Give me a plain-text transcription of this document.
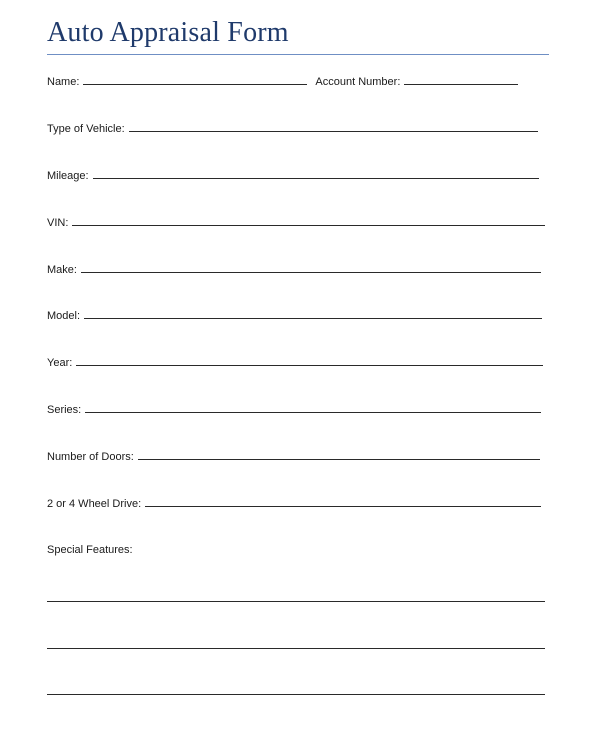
Auto Appraisal Form
Name:	Account Number:
Type of Vehicle:
Mileage:
VIN:
Make:
Model:
Year:
Series:
Number of Doors:
2 or 4 Wheel Drive:
Special Features:
